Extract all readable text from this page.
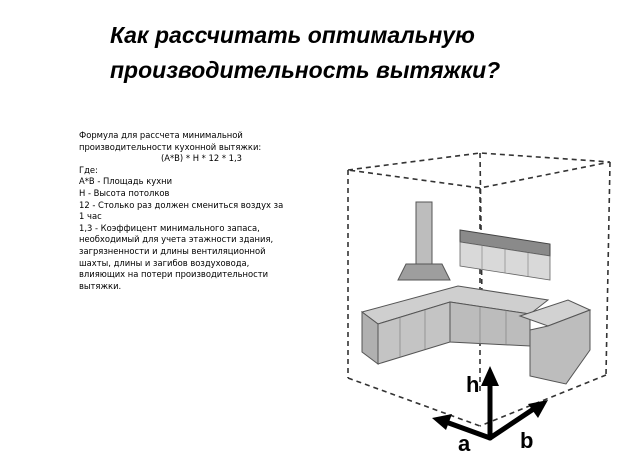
Как рассчитать оптимальную
производительность вытяжки?
Формула для рассчета минимальной производительности кухонной вытяжки:
(A*B) * H * 12 * 1,3
Где:
A*B - Площадь кухни
H - Высота потолков
12 - Столько раз должен смениться воздух за 1 час
1,3 - Коэффицент минимального запаса, необходимый для учета этажности здания, загрязненности и длины вентиляционной шахты, длины и загибов воздуховода, влияющих на потери производительности вытяжки.
h
a b
